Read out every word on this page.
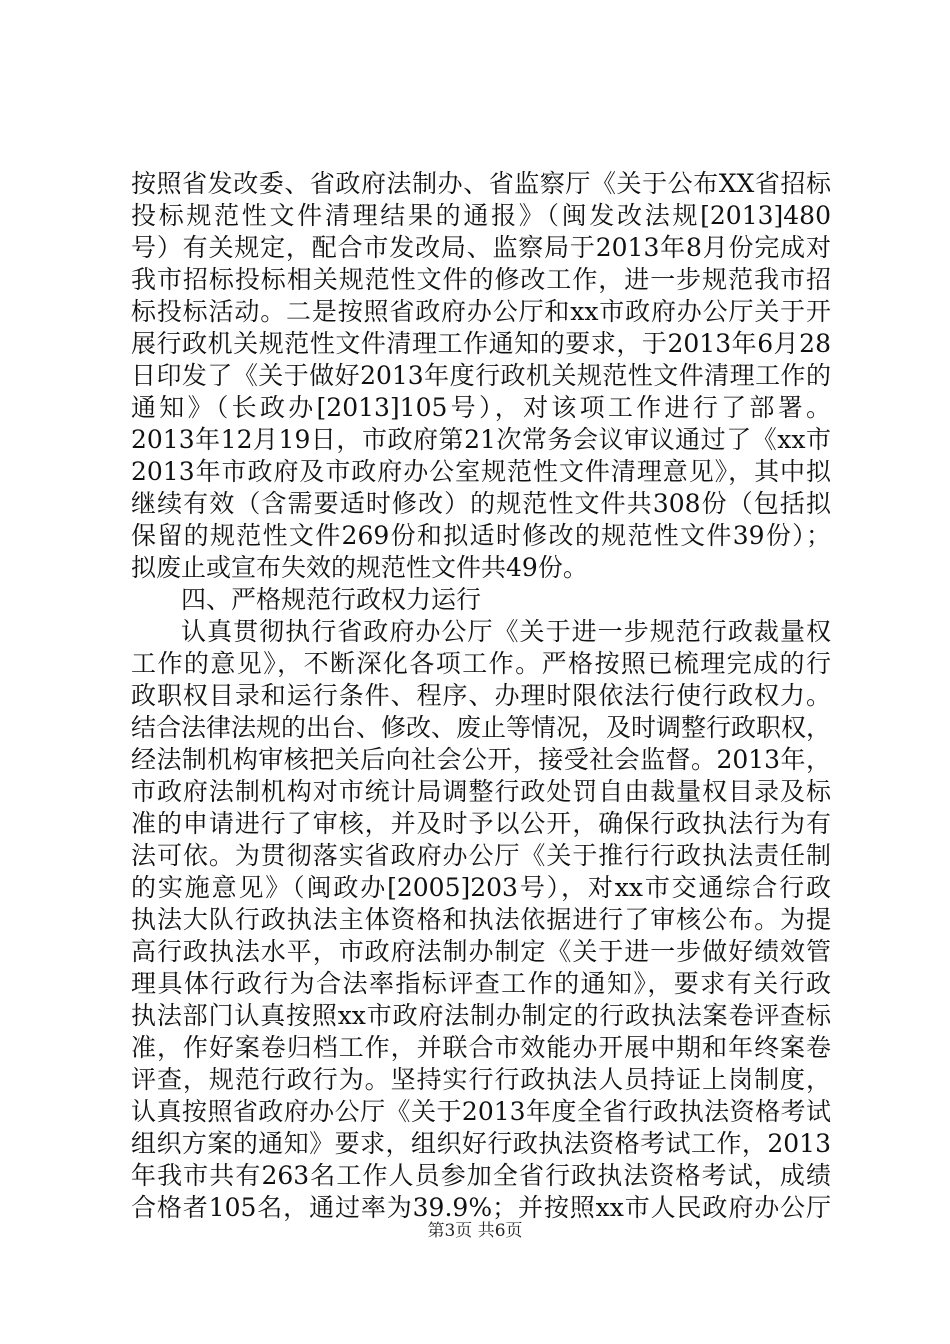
按照省发改委、省政府法制办、省监察厅《关于公布XX省招标

投标规范性文件清理结果的通报》（闽发改法规[2013]480

号）有关规定，配合市发改局、监察局于2013年8月份完成对

我市招标投标相关规范性文件的修改工作，进一步规范我市招

标投标活动。二是按照省政府办公厅和xx市政府办公厅关于开

展行政机关规范性文件清理工作通知的要求，于2013年6月28

日印发了《关于做好2013年度行政机关规范性文件清理工作的

通知》（长政办[2013]105号），对该项工作进行了部署。

2013年12月19日，市政府第21次常务会议审议通过了《xx市

2013年市政府及市政府办公室规范性文件清理意见》，其中拟

继续有效（含需要适时修改）的规范性文件共308份（包括拟

保留的规范性文件269份和拟适时修改的规范性文件39份）；

拟废止或宣布失效的规范性文件共49份。

四、严格规范行政权力运行

认真贯彻执行省政府办公厅《关于进一步规范行政裁量权

工作的意见》，不断深化各项工作。严格按照已梳理完成的行

政职权目录和运行条件、程序、办理时限依法行使行政权力。

结合法律法规的出台、修改、废止等情况，及时调整行政职权，

经法制机构审核把关后向社会公开，接受社会监督。2013年，

市政府法制机构对市统计局调整行政处罚自由裁量权目录及标

准的申请进行了审核，并及时予以公开，确保行政执法行为有

法可依。为贯彻落实省政府办公厅《关于推行行政执法责任制

的实施意见》（闽政办[2005]203号），对xx市交通综合行政

执法大队行政执法主体资格和执法依据进行了审核公布。为提

高行政执法水平，市政府法制办制定《关于进一步做好绩效管

理具体行政行为合法率指标评查工作的通知》，要求有关行政

执法部门认真按照xx市政府法制办制定的行政执法案卷评查标

准，作好案卷归档工作，并联合市效能办开展中期和年终案卷

评查，规范行政行为。坚持实行行政执法人员持证上岗制度，

认真按照省政府办公厅《关于2013年度全省行政执法资格考试

组织方案的通知》要求，组织好行政执法资格考试工作，2013

年我市共有263名工作人员参加全省行政执法资格考试，成绩

合格者105名，通过率为39.9%；并按照xx市人民政府办公厅

第3页 共6页
